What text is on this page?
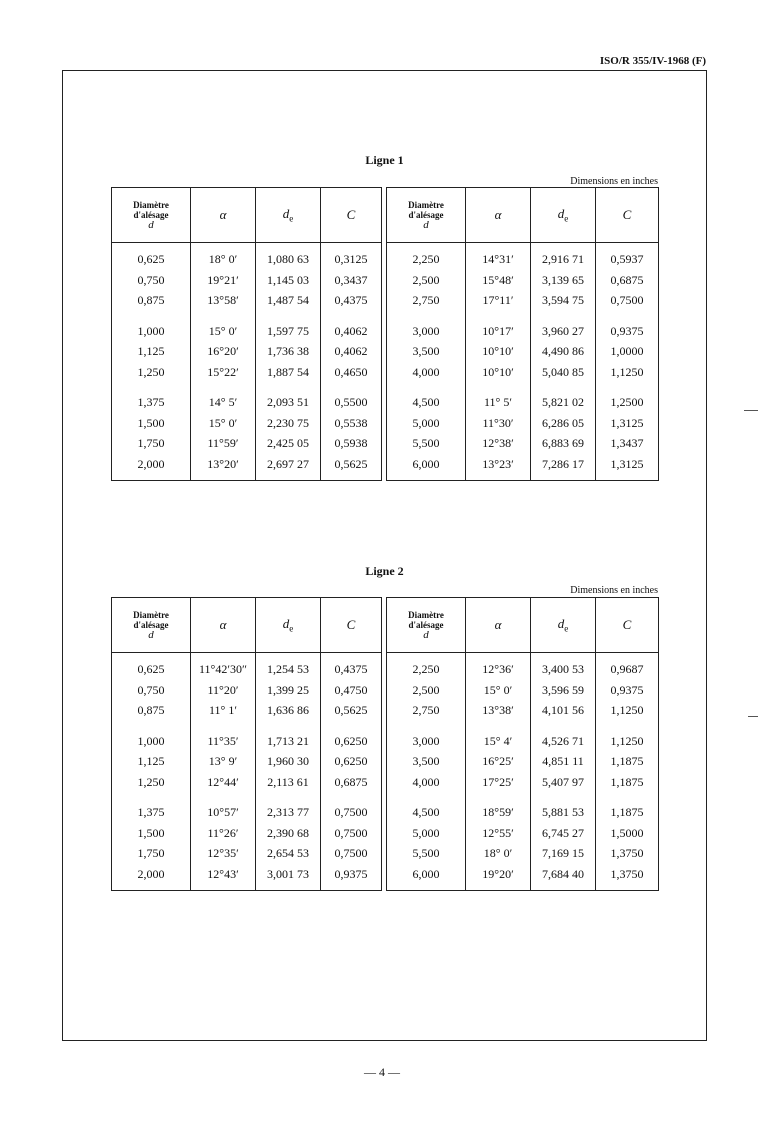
ISO/R 355/IV-1968 (F)
Ligne 1
Dimensions en inches
Diamètre
d'alésage
d	α	$d_e$	C
0,625	18° 0′	1,080 63	0,3125
0,750	19°21′	1,145 03	0,3437
0,875	13°58′	1,487 54	0,4375

1,000	15° 0′	1,597 75	0,4062
1,125	16°20′	1,736 38	0,4062
1,250	15°22′	1,887 54	0,4650

1,375	14° 5′	2,093 51	0,5500
1,500	15° 0′	2,230 75	0,5538
1,750	11°59′	2,425 05	0,5938
2,000	13°20′	2,697 27	0,5625
Diamètre
d'alésage
d	α	$d_e$	C
2,250	14°31′	2,916 71	0,5937
2,500	15°48′	3,139 65	0,6875
2,750	17°11′	3,594 75	0,7500

3,000	10°17′	3,960 27	0,9375
3,500	10°10′	4,490 86	1,0000
4,000	10°10′	5,040 85	1,1250

4,500	11° 5′	5,821 02	1,2500
5,000	11°30′	6,286 05	1,3125
5,500	12°38′	6,883 69	1,3437
6,000	13°23′	7,286 17	1,3125
Ligne 2
Dimensions en inches
Diamètre
d'alésage
d	α	$d_e$	C
0,625	11°42′30″	1,254 53	0,4375
0,750	11°20′	1,399 25	0,4750
0,875	11° 1′	1,636 86	0,5625

1,000	11°35′	1,713 21	0,6250
1,125	13° 9′	1,960 30	0,6250
1,250	12°44′	2,113 61	0,6875

1,375	10°57′	2,313 77	0,7500
1,500	11°26′	2,390 68	0,7500
1,750	12°35′	2,654 53	0,7500
2,000	12°43′	3,001 73	0,9375
Diamètre
d'alésage
d	α	$d_e$	C
2,250	12°36′	3,400 53	0,9687
2,500	15° 0′	3,596 59	0,9375
2,750	13°38′	4,101 56	1,1250

3,000	15° 4′	4,526 71	1,1250
3,500	16°25′	4,851 11	1,1875
4,000	17°25′	5,407 97	1,1875

4,500	18°59′	5,881 53	1,1875
5,000	12°55′	6,745 27	1,5000
5,500	18° 0′	7,169 15	1,3750
6,000	19°20′	7,684 40	1,3750
— 4 —
